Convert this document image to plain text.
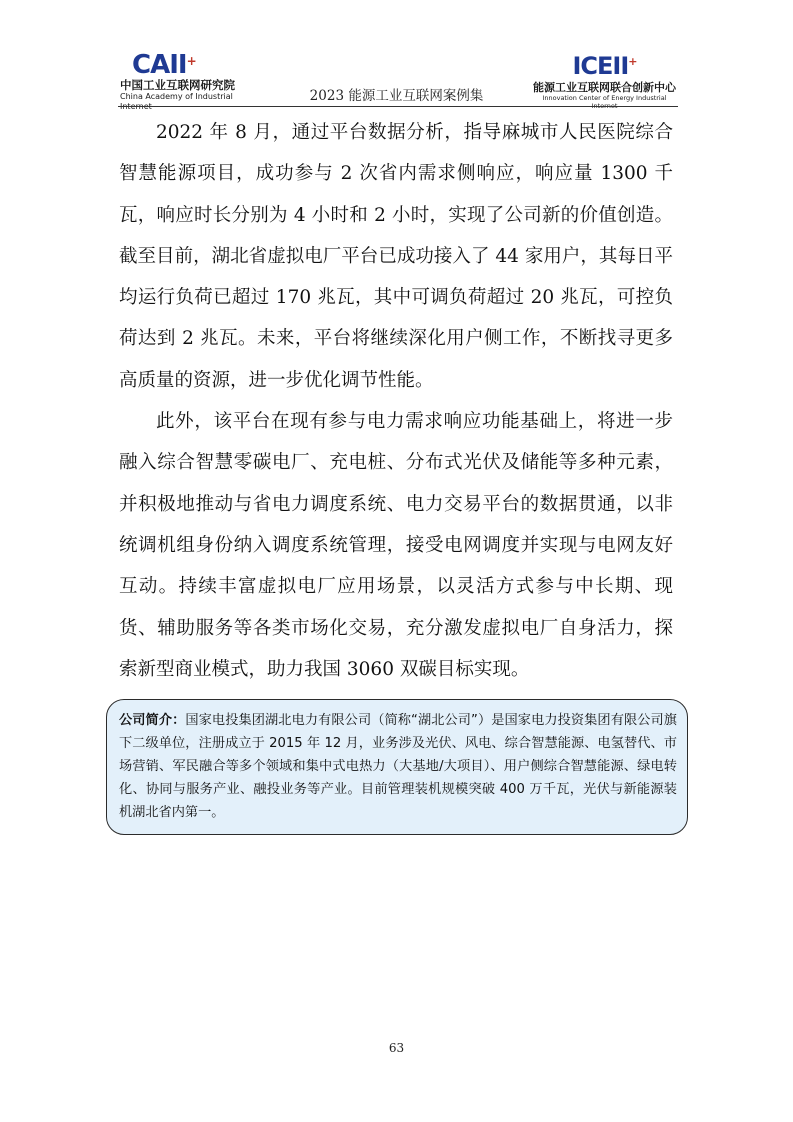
CAII+
中国工业互联网研究院
China Academy of Industrial Internet
2023 能源工业互联网案例集
ICEII+
能源工业互联网联合创新中心
Innovation Center of Energy Industrial Internet

2022 年 8 月，通过平台数据分析，指导麻城市人民医院综合智慧能源项目，成功参与 2 次省内需求侧响应，响应量 1300 千瓦，响应时长分别为 4 小时和 2 小时，实现了公司新的价值创造。截至目前，湖北省虚拟电厂平台已成功接入了 44 家用户，其每日平均运行负荷已超过 170 兆瓦，其中可调负荷超过 20 兆瓦，可控负荷达到 2 兆瓦。未来，平台将继续深化用户侧工作，不断找寻更多高质量的资源，进一步优化调节性能。

此外，该平台在现有参与电力需求响应功能基础上，将进一步融入综合智慧零碳电厂、充电桩、分布式光伏及储能等多种元素，并积极地推动与省电力调度系统、电力交易平台的数据贯通，以非统调机组身份纳入调度系统管理，接受电网调度并实现与电网友好互动。持续丰富虚拟电厂应用场景，以灵活方式参与中长期、现货、辅助服务等各类市场化交易，充分激发虚拟电厂自身活力，探索新型商业模式，助力我国 3060 双碳目标实现。

公司简介：国家电投集团湖北电力有限公司（简称“湖北公司”）是国家电力投资集团有限公司旗下二级单位，注册成立于 2015 年 12 月，业务涉及光伏、风电、综合智慧能源、电氢替代、市场营销、军民融合等多个领域和集中式电热力（大基地/大项目）、用户侧综合智慧能源、绿电转化、协同与服务产业、融投业务等产业。目前管理装机规模突破 400 万千瓦，光伏与新能源装机湖北省内第一。
63
